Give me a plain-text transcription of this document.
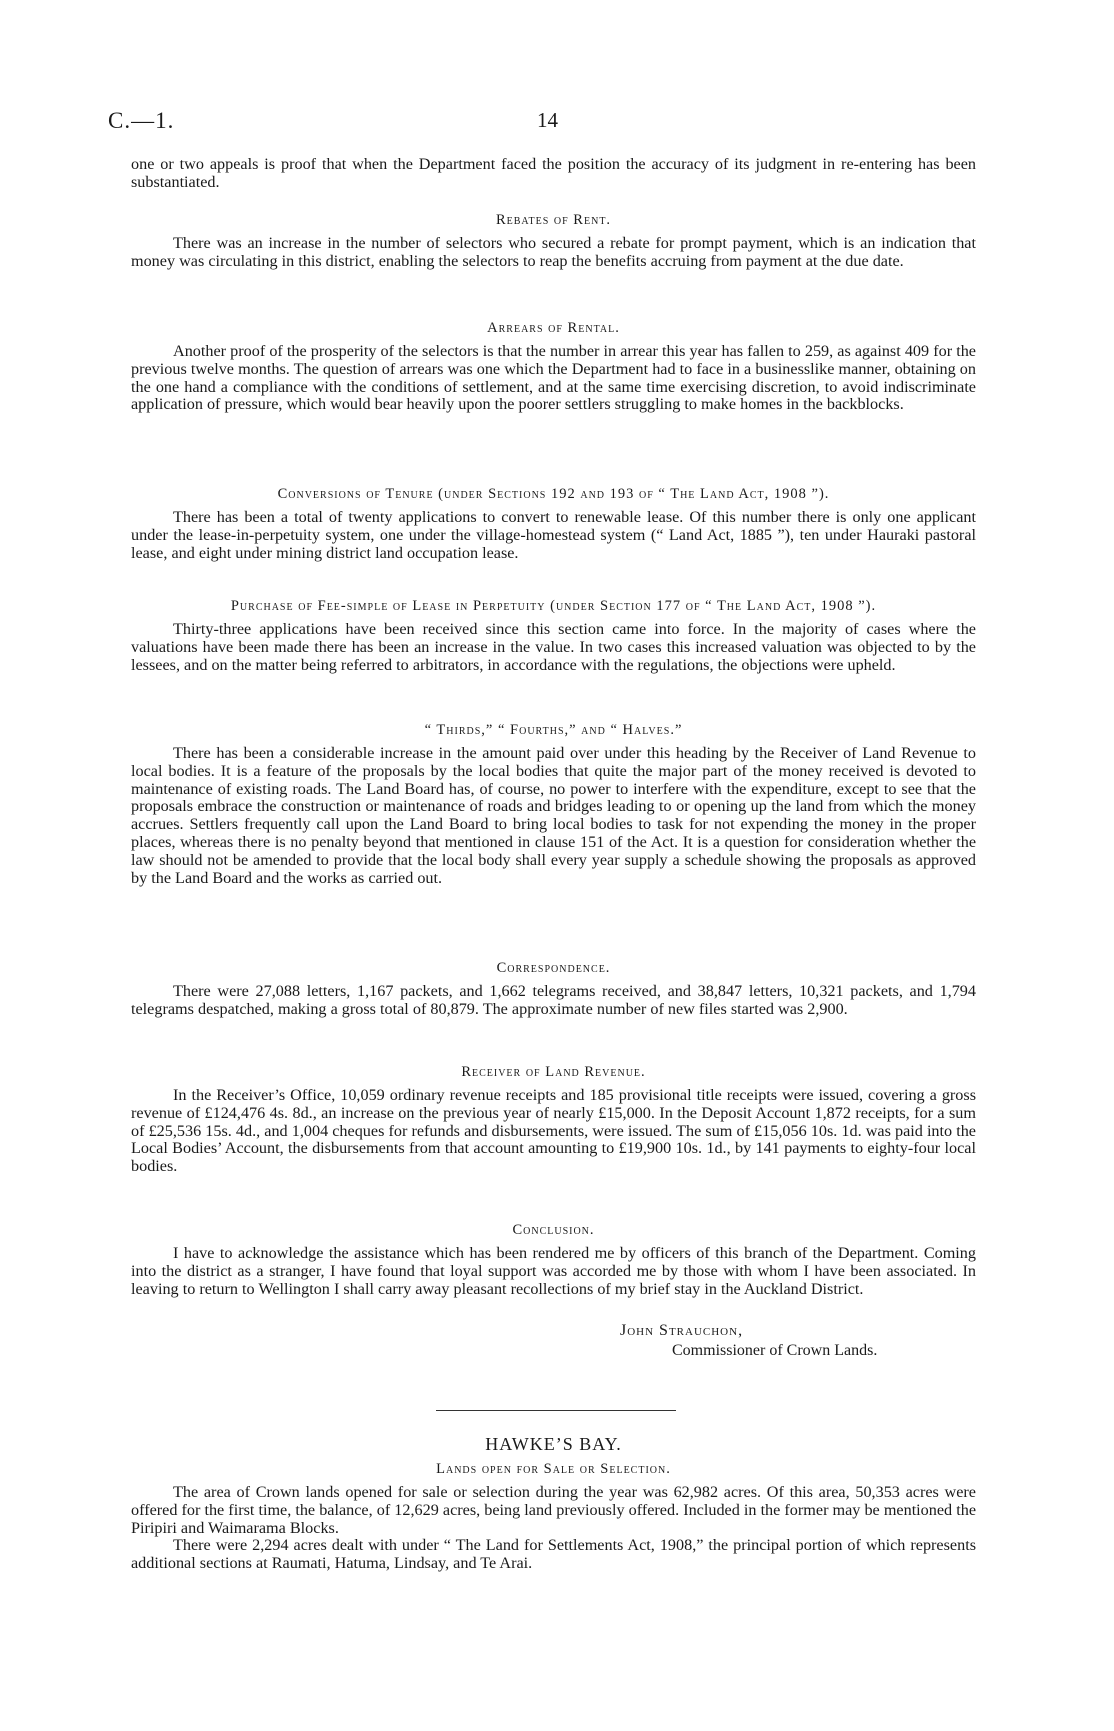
C.—1.	14

one or two appeals is proof that when the Department faced the position the accuracy of its judgment in re-entering has been substantiated.

Rebates of Rent.

There was an increase in the number of selectors who secured a rebate for prompt payment, which is an indication that money was circulating in this district, enabling the selectors to reap the benefits accruing from payment at the due date.

Arrears of Rental.

Another proof of the prosperity of the selectors is that the number in arrear this year has fallen to 259, as against 409 for the previous twelve months. The question of arrears was one which the Department had to face in a businesslike manner, obtaining on the one hand a compliance with the conditions of settlement, and at the same time exercising discretion, to avoid indiscriminate application of pressure, which would bear heavily upon the poorer settlers struggling to make homes in the backblocks.

Conversions of Tenure (under Sections 192 and 193 of “ The Land Act, 1908 ”).

There has been a total of twenty applications to convert to renewable lease. Of this number there is only one applicant under the lease-in-perpetuity system, one under the village-homestead system (“ Land Act, 1885 ”), ten under Hauraki pastoral lease, and eight under mining district land occupation lease.

Purchase of Fee-simple of Lease in Perpetuity (under Section 177 of “ The Land Act, 1908 ”).

Thirty-three applications have been received since this section came into force. In the majority of cases where the valuations have been made there has been an increase in the value. In two cases this increased valuation was objected to by the lessees, and on the matter being referred to arbitrators, in accordance with the regulations, the objections were upheld.

“ Thirds,” “ Fourths,” and “ Halves.”

There has been a considerable increase in the amount paid over under this heading by the Receiver of Land Revenue to local bodies. It is a feature of the proposals by the local bodies that quite the major part of the money received is devoted to maintenance of existing roads. The Land Board has, of course, no power to interfere with the expenditure, except to see that the proposals embrace the construction or maintenance of roads and bridges leading to or opening up the land from which the money accrues. Settlers frequently call upon the Land Board to bring local bodies to task for not expending the money in the proper places, whereas there is no penalty beyond that mentioned in clause 151 of the Act. It is a question for consideration whether the law should not be amended to provide that the local body shall every year supply a schedule showing the proposals as approved by the Land Board and the works as carried out.

Correspondence.

There were 27,088 letters, 1,167 packets, and 1,662 telegrams received, and 38,847 letters, 10,321 packets, and 1,794 telegrams despatched, making a gross total of 80,879. The approximate number of new files started was 2,900.

Receiver of Land Revenue.

In the Receiver’s Office, 10,059 ordinary revenue receipts and 185 provisional title receipts were issued, covering a gross revenue of £124,476 4s. 8d., an increase on the previous year of nearly £15,000. In the Deposit Account 1,872 receipts, for a sum of £25,536 15s. 4d., and 1,004 cheques for refunds and disbursements, were issued. The sum of £15,056 10s. 1d. was paid into the Local Bodies’ Account, the disbursements from that account amounting to £19,900 10s. 1d., by 141 payments to eighty-four local bodies.

Conclusion.

I have to acknowledge the assistance which has been rendered me by officers of this branch of the Department. Coming into the district as a stranger, I have found that loyal support was accorded me by those with whom I have been associated. In leaving to return to Wellington I shall carry away pleasant recollections of my brief stay in the Auckland District.

John Strauchon,
Commissioner of Crown Lands.

HAWKE’S BAY.

Lands open for Sale or Selection.

The area of Crown lands opened for sale or selection during the year was 62,982 acres. Of this area, 50,353 acres were offered for the first time, the balance, of 12,629 acres, being land previously offered. Included in the former may be mentioned the Piripiri and Waimarama Blocks.

There were 2,294 acres dealt with under “ The Land for Settlements Act, 1908,” the principal portion of which represents additional sections at Raumati, Hatuma, Lindsay, and Te Arai.
